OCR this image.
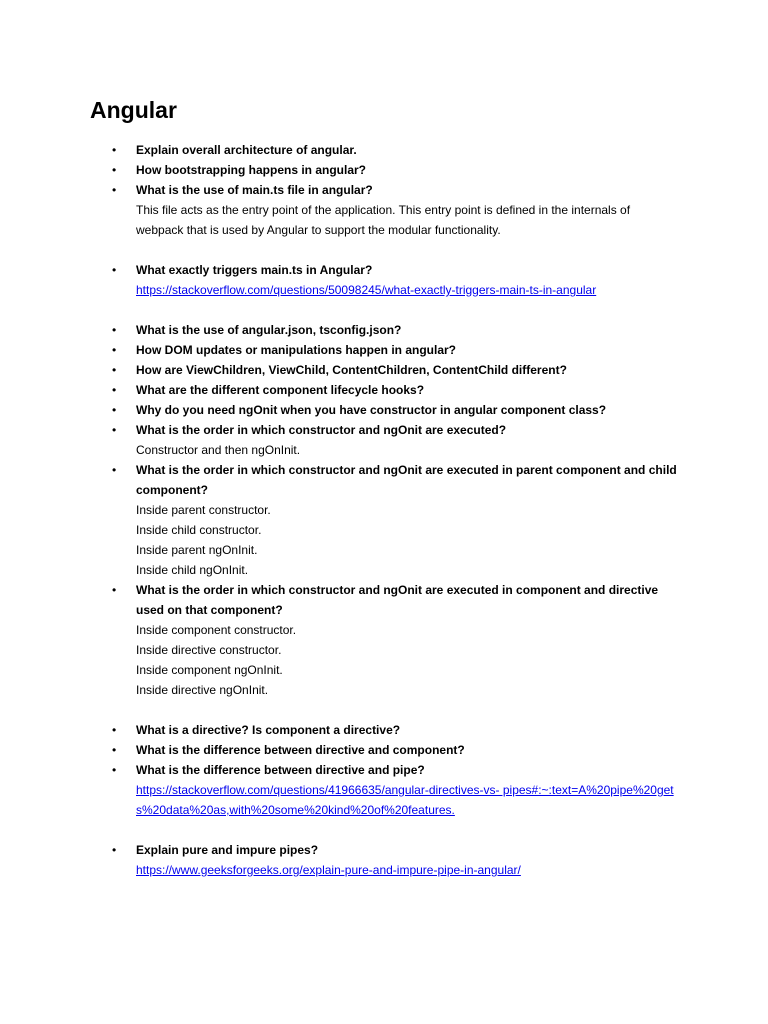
Angular
• Explain overall architecture of angular.
• How bootstrapping happens in angular?
• What is the use of main.ts file in angular?
This file acts as the entry point of the application. This entry point is defined in the internals of webpack that is used by Angular to support the modular functionality.
• What exactly triggers main.ts in Angular?
https://stackoverflow.com/questions/50098245/what-exactly-triggers-main-ts-in-angular
• What is the use of angular.json, tsconfig.json?
• How DOM updates or manipulations happen in angular?
• How are ViewChildren, ViewChild, ContentChildren, ContentChild different?
• What are the different component lifecycle hooks?
• Why do you need ngOnit when you have constructor in angular component class?
• What is the order in which constructor and ngOnit are executed?
Constructor and then ngOnInit.
• What is the order in which constructor and ngOnit are executed in parent component and child component?
Inside parent constructor.
Inside child constructor.
Inside parent ngOnInit.
Inside child ngOnInit.
• What is the order in which constructor and ngOnit are executed in component and directive used on that component?
Inside component constructor.
Inside directive constructor.
Inside component ngOnInit.
Inside directive ngOnInit.
• What is a directive? Is component a directive?
• What is the difference between directive and component?
• What is the difference between directive and pipe?
https://stackoverflow.com/questions/41966635/angular-directives-vs- pipes#:~:text=A%20pipe%20gets%20data%20as,with%20some%20kind%20of%20features.
• Explain pure and impure pipes?
https://www.geeksforgeeks.org/explain-pure-and-impure-pipe-in-angular/
